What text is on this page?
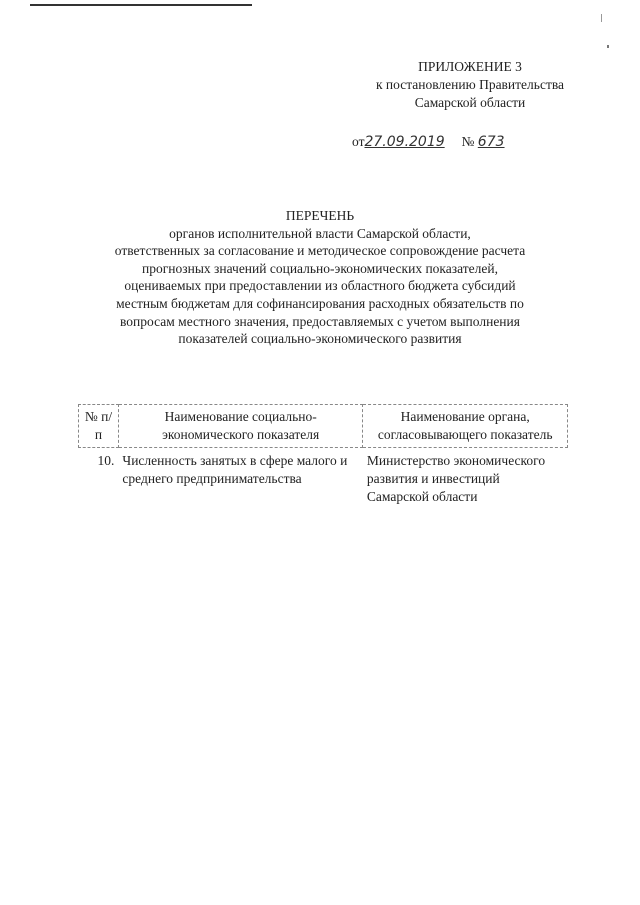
ПРИЛОЖЕНИЕ 3
к постановлению Правительства
Самарской области
от27.09.2019 № 673
ПЕРЕЧЕНЬ
органов исполнительной власти Самарской области,
ответственных за согласование и методическое сопровождение расчета
прогнозных значений социально-экономических показателей,
оцениваемых при предоставлении из областного бюджета субсидий
местным бюджетам для софинансирования расходных обязательств по
вопросам местного значения, предоставляемых с учетом выполнения
показателей социально-экономического развития
№ п/п	Наименование социально-экономического показателя	Наименование органа, согласовывающего показатель
10.	Численность занятых в сфере малого и среднего предпринимательства	Министерство экономического развития и инвестиций Самарской области
